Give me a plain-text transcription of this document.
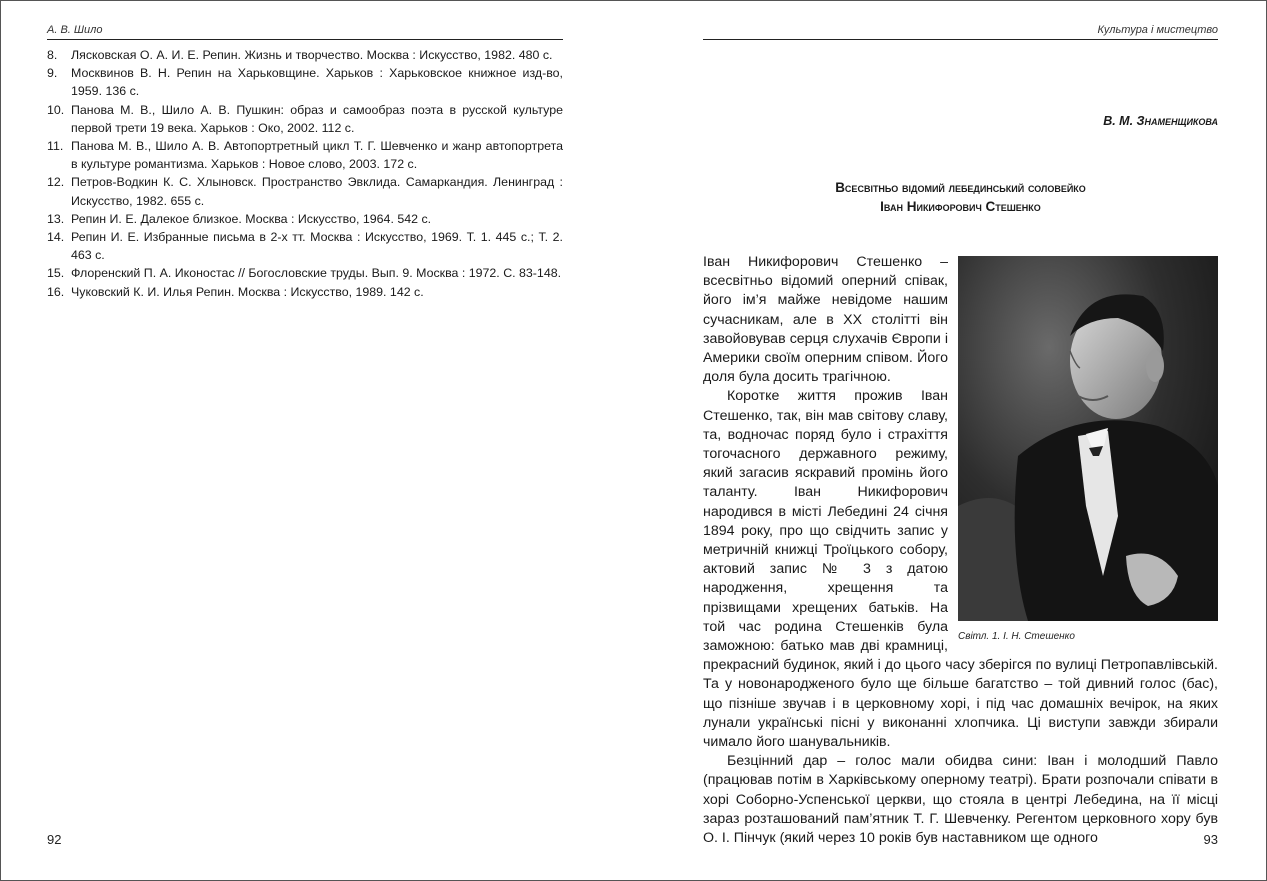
А. В. Шило
8. Лясковская О. А. И. Е. Репин. Жизнь и творчество. Москва : Искусство, 1982. 480 с.
9. Москвинов В. Н. Репин на Харьковщине. Харьков : Харьковское книжное изд-во, 1959. 136 с.
10. Панова М. В., Шило А. В. Пушкин: образ и самообраз поэта в русской культуре первой трети 19 века. Харьков : Око, 2002. 112 с.
11. Панова М. В., Шило А. В. Автопортретный цикл Т. Г. Шевченко и жанр автопортрета в культуре романтизма. Харьков : Новое слово, 2003. 172 с.
12. Петров-Водкин К. С. Хлыновск. Пространство Эвклида. Самаркандия. Ленинград : Искусство, 1982. 655 с.
13. Репин И. Е. Далекое близкое. Москва : Искусство, 1964. 542 с.
14. Репин И. Е. Избранные письма в 2-х тт. Москва : Искусство, 1969. Т. 1. 445 с.; Т. 2. 463 с.
15. Флоренский П. А. Иконостас // Богословские труды. Вып. 9. Москва : 1972. С. 83-148.
16. Чуковский К. И. Илья Репин. Москва : Искусство, 1989. 142 с.
92
Культура і мистецтво
В. М. Знаменщикова
Всесвітньо відомий лебединський соловейко
Іван Никифорович Стешенко
Світл. 1. І. Н. Стешенко

Іван Никифорович Стешенко – всесвітньо відомий оперний співак, його ім’я майже невідоме нашим сучасникам, але в ХХ столітті він завойовував серця слухачів Європи і Америки своїм оперним співом. Його доля була досить трагічною.

Коротке життя прожив Іван Стешенко, так, він мав світову славу, та, водночас поряд було і страхіття тогочасного державного режиму, який загасив яскравий промінь його таланту. Іван Никифорович народився в місті Лебедині 24 січня 1894 року, про що свідчить запис у метричній книжці Троїцького собору, актовий запис № 3 з датою народження, хрещення та прізвищами хрещених батьків. На той час родина Стешенків була заможною: батько мав дві крамниці, прекрасний будинок, який і до цього часу зберігся по вулиці Петропавлівській. Та у новонародженого було ще більше багатство – той дивний голос (бас), що пізніше звучав і в церковному хорі, і під час домашніх вечірок, на яких лунали українські пісні у виконанні хлопчика. Ці виступи завжди збирали чимало його шанувальників.

Безцінний дар – голос мали обидва сини: Іван і молодший Павло (працював потім в Харківському оперному театрі). Брати розпочали співати в хорі Соборно-Успенської церкви, що стояла в центрі Лебедина, на її місці зараз розташований пам’ятник Т. Г. Шевченку. Регентом церковного хору був О. І. Пінчук (який через 10 років був наставником ще одного	93
